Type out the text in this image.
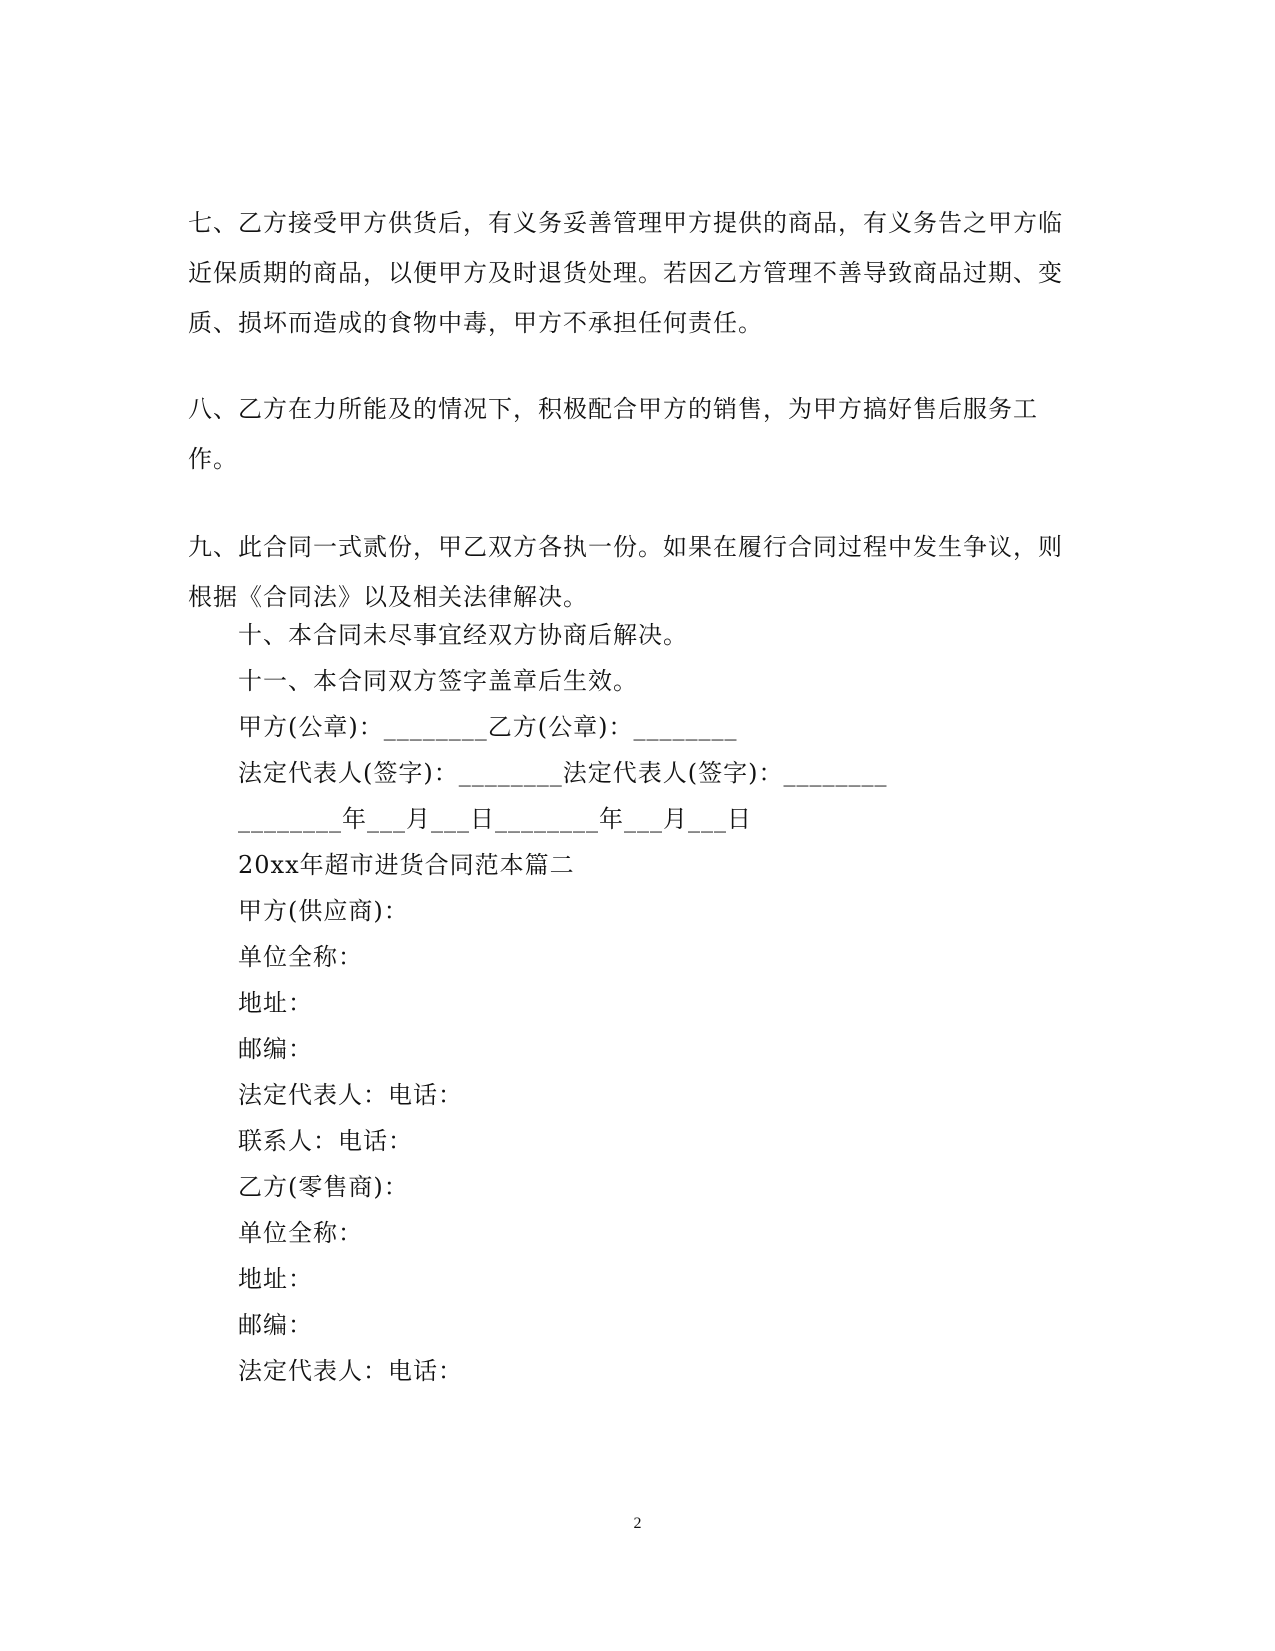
七、乙方接受甲方供货后，有义务妥善管理甲方提供的商品，有义务告之甲方临近保质期的商品，以便甲方及时退货处理。若因乙方管理不善导致商品过期、变质、损坏而造成的食物中毒，甲方不承担任何责任。

八、乙方在力所能及的情况下，积极配合甲方的销售，为甲方搞好售后服务工作。

九、此合同一式贰份，甲乙双方各执一份。如果在履行合同过程中发生争议，则根据《合同法》以及相关法律解决。

十、本合同未尽事宜经双方协商后解决。

十一、本合同双方签字盖章后生效。

甲方(公章)：________乙方(公章)：________

法定代表人(签字)：________法定代表人(签字)：________

________年___月___日________年___月___日

20xx年超市进货合同范本篇二

甲方(供应商)：

单位全称：

地址：

邮编：

法定代表人：电话：

联系人：电话：

乙方(零售商)：

单位全称：

地址：

邮编：

法定代表人：电话：

2
